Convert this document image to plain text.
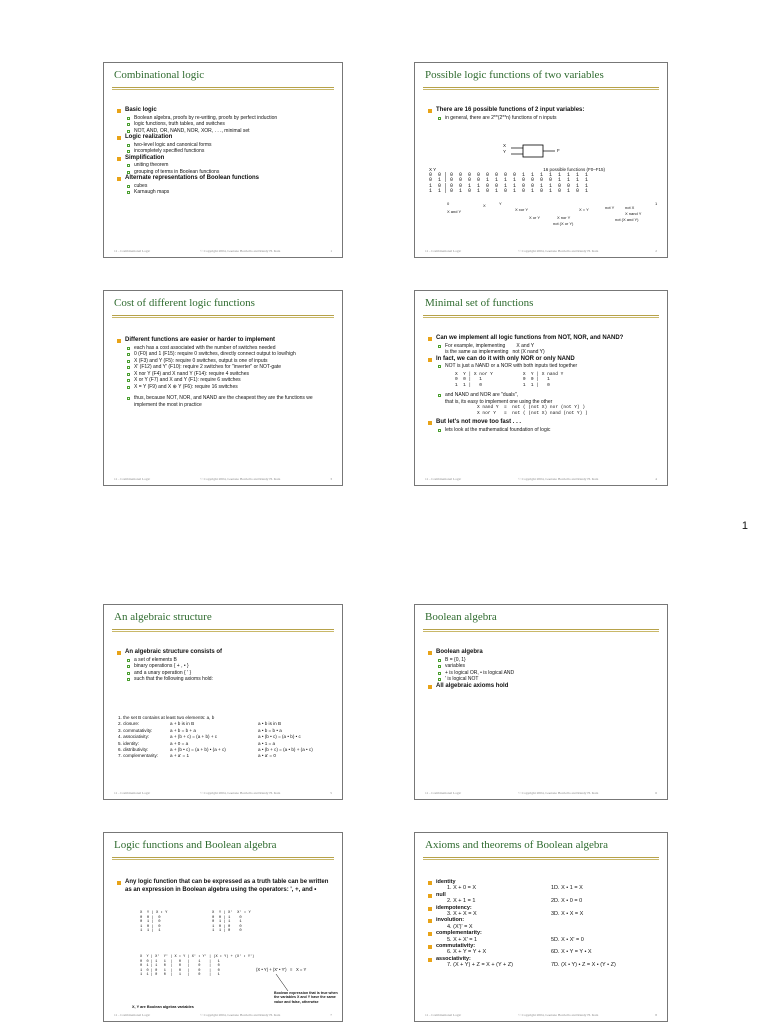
1
Combinational logic
Basic logic
Boolean algebra, proofs by re-writing, proofs by perfect induction
logic functions, truth tables, and switches
NOT, AND, OR, NAND, NOR, XOR, . . ., minimal set
Logic realization
two-level logic and canonical forms
incompletely specified functions
Simplification
uniting theorem
grouping of terms in Boolean functions
Alternate representations of Boolean functions
cubes
Karnaugh maps
11 - Combinational Logic	© Copyright 2004, Gaetano Borriello and Randy H. Katz	1
Possible logic functions of two variables
There are 16 possible functions of 2 input variables:
in general, there are 2**(2**n) functions of n inputs
X
Y	F
X Y	16 possible functions (F0–F15)
0  0 | 0  0  0  0  0  0  0  0  1  1  1  1  1  1  1  1
0  1 | 0  0  0  0  1  1  1  1  0  0  0  0  1  1  1  1
1  0 | 0  0  1  1  0  0  1  1  0  0  1  1  0  0  1  1
1  1 | 0  1  0  1  0  1  0  1  0  1  0  1  0  1  0  1
0
X and Y
X	Y
X xor Y
X or Y	X nor Y
not (X or Y)
X = Y	not Y	not X
1
X nand Y
not (X and Y)
11 - Combinational Logic	© Copyright 2004, Gaetano Borriello and Randy H. Katz	2
Cost of different logic functions
Different functions are easier or harder to implement
each has a cost associated with the number of switches needed
0 (F0) and 1 (F15): require 0 switches, directly connect output to low/high
X (F3) and Y (F5): require 0 switches, output is one of inputs
X' (F12) and Y' (F10): require 2 switches for "inverter" or NOT-gate
X nor Y (F4) and X nand Y (F14): require 4 switches
X or Y (F7) and X and Y (F1): require 6 switches
X = Y (F9) and X ⊕ Y (F6): require 16 switches
thus, because NOT, NOR, and NAND are the cheapest they are the functions we implement the most in practice
11 - Combinational Logic	© Copyright 2004, Gaetano Borriello and Randy H. Katz	3
Minimal set of functions
Can we implement all logic functions from NOT, NOR, and NAND?
For example, implementing        X and Y
is the same as implementing   not (X nand Y)
In fact, we can do it with only NOR or only NAND
NOT is just a NAND or a NOR with both inputs tied together
X  Y | X nor Y
0  0 |   1
1  1 |   0
X  Y | X nand Y
0  0 |   1
1  1 |   0
and NAND and NOR are "duals",
that is, its easy to implement one using the other
X nand Y  ≡  not ( (not X) nor (not Y) )
X nor Y   ≡  not ( (not X) nand (not Y) )
But let's not move too fast . . .
lets look at the mathematical foundation of logic
11 - Combinational Logic	© Copyright 2004, Gaetano Borriello and Randy H. Katz	4
An algebraic structure
An algebraic structure consists of
a set of elements B
binary operations { + , • }
and a unary operation { ' }
such that the following axioms hold:
1. the set B contains at least two elements: a, b
2. closure:	a + b is in B	a • b is in B
3. commutativity:	a + b = b + a	a • b = b • a
4. associativity:	a + (b + c) = (a + b) + c	a • (b • c) = (a • b) • c
5. identity:	a + 0 = a	a • 1 = a
6. distributivity:	a + (b • c) = (a + b) • (a + c)	a • (b + c) = (a • b) + (a • c)
7. complementarity:	a + a' = 1	a • a' = 0
11 - Combinational Logic	© Copyright 2004, Gaetano Borriello and Randy H. Katz	5
Boolean algebra
Boolean algebra
B = {0, 1}
variables
+ is logical OR, • is logical AND
' is logical NOT
All algebraic axioms hold
11 - Combinational Logic	© Copyright 2004, Gaetano Borriello and Randy H. Katz	6
Logic functions and Boolean algebra
Any logic function that can be expressed as a truth table can be written as an expression in Boolean algebra using the operators: ', +, and •
X  Y | X • Y
0  0 |  0
0  1 |  0
1  0 |  0
1  1 |  1
X  Y | X'  X' • Y
0  0 | 1    0
0  1 | 1    1
1  0 | 0    0
1  1 | 0    0
X  Y | X'  Y' | X • Y | X' • Y' | (X • Y) + (X' • Y')
0  0 | 1   1  |   0   |    1    |   1
0  1 | 1   0  |   0   |    0    |   0
1  0 | 0   1  |   0   |    0    |   0
1  1 | 0   0  |   1   |    0    |   1
(X • Y) + (X' • Y')   ≡   X = Y
X, Y are Boolean algebra variables
Boolean expression that is true when the variables X and Y have the same value and false, otherwise
11 - Combinational Logic	© Copyright 2004, Gaetano Borriello and Randy H. Katz	7
Axioms and theorems of Boolean algebra
identity
1. X + 0 = X	1D. X • 1 = X
null
2. X + 1 = 1	2D. X • 0 = 0
idempotency:
3. X + X = X	3D. X • X = X
involution:
4. (X')' = X
complementarity:
5. X + X' = 1	5D. X • X' = 0
commutativity:
6. X + Y = Y + X	6D. X • Y = Y • X
associativity:
7. (X + Y) + Z = X + (Y + Z)	7D. (X • Y) • Z = X • (Y • Z)
11 - Combinational Logic	© Copyright 2004, Gaetano Borriello and Randy H. Katz	8
